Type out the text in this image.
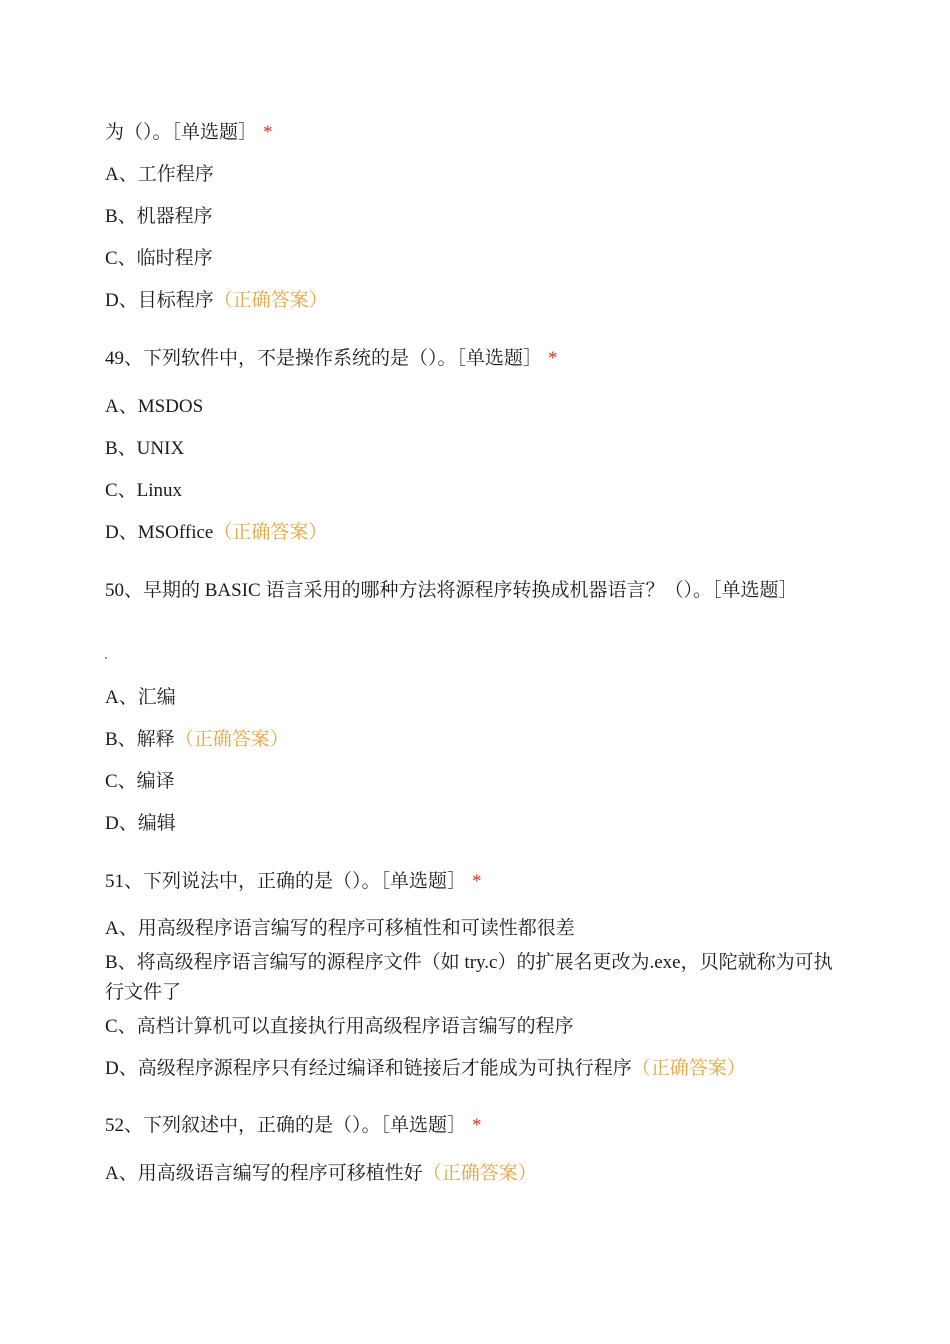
为（）。［单选题］ *
A、工作程序
B、机器程序
C、临时程序
D、目标程序（正确答案）
49、下列软件中，不是操作系统的是（）。［单选题］ *
A、MSDOS
B、UNIX
C、Linux
D、MSOffice（正确答案）
50、早期的 BASIC 语言采用的哪种方法将源程序转换成机器语言？（）。［单选题］
A、汇编
B、解释（正确答案）
C、编译
D、编辑
51、下列说法中，正确的是（）。［单选题］ *
A、用高级程序语言编写的程序可移植性和可读性都很差
B、将高级程序语言编写的源程序文件（如 try.c）的扩展名更改为.exe，贝陀就称为可执行文件了
C、高档计算机可以直接执行用高级程序语言编写的程序
D、高级程序源程序只有经过编译和链接后才能成为可执行程序（正确答案）
52、下列叙述中，正确的是（）。［单选题］ *
A、用高级语言编写的程序可移植性好（正确答案）
